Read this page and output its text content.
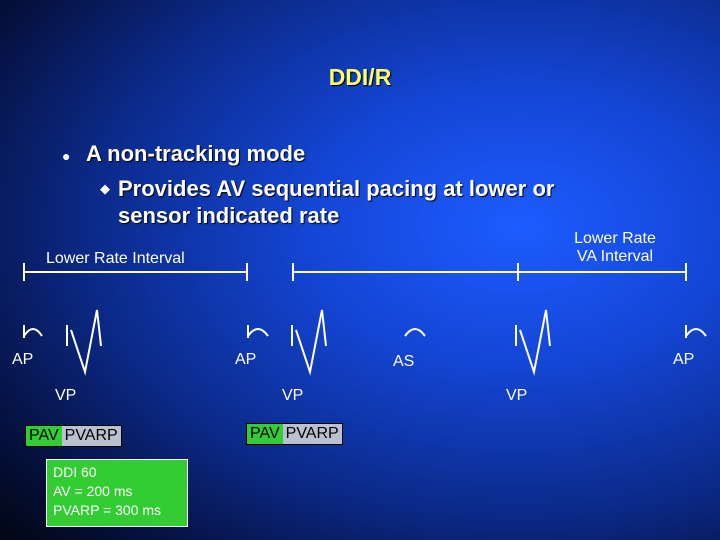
DDI/R
● A non-tracking mode
◆ Provides AV sequential pacing at lower or
sensor indicated rate
Lower Rate Interval
Lower Rate
VA Interval
AP	AP	AS	AP
VP	VP	VP
PAV PVARP	PAV PVARP
DDI 60
AV = 200 ms
PVARP = 300 ms
